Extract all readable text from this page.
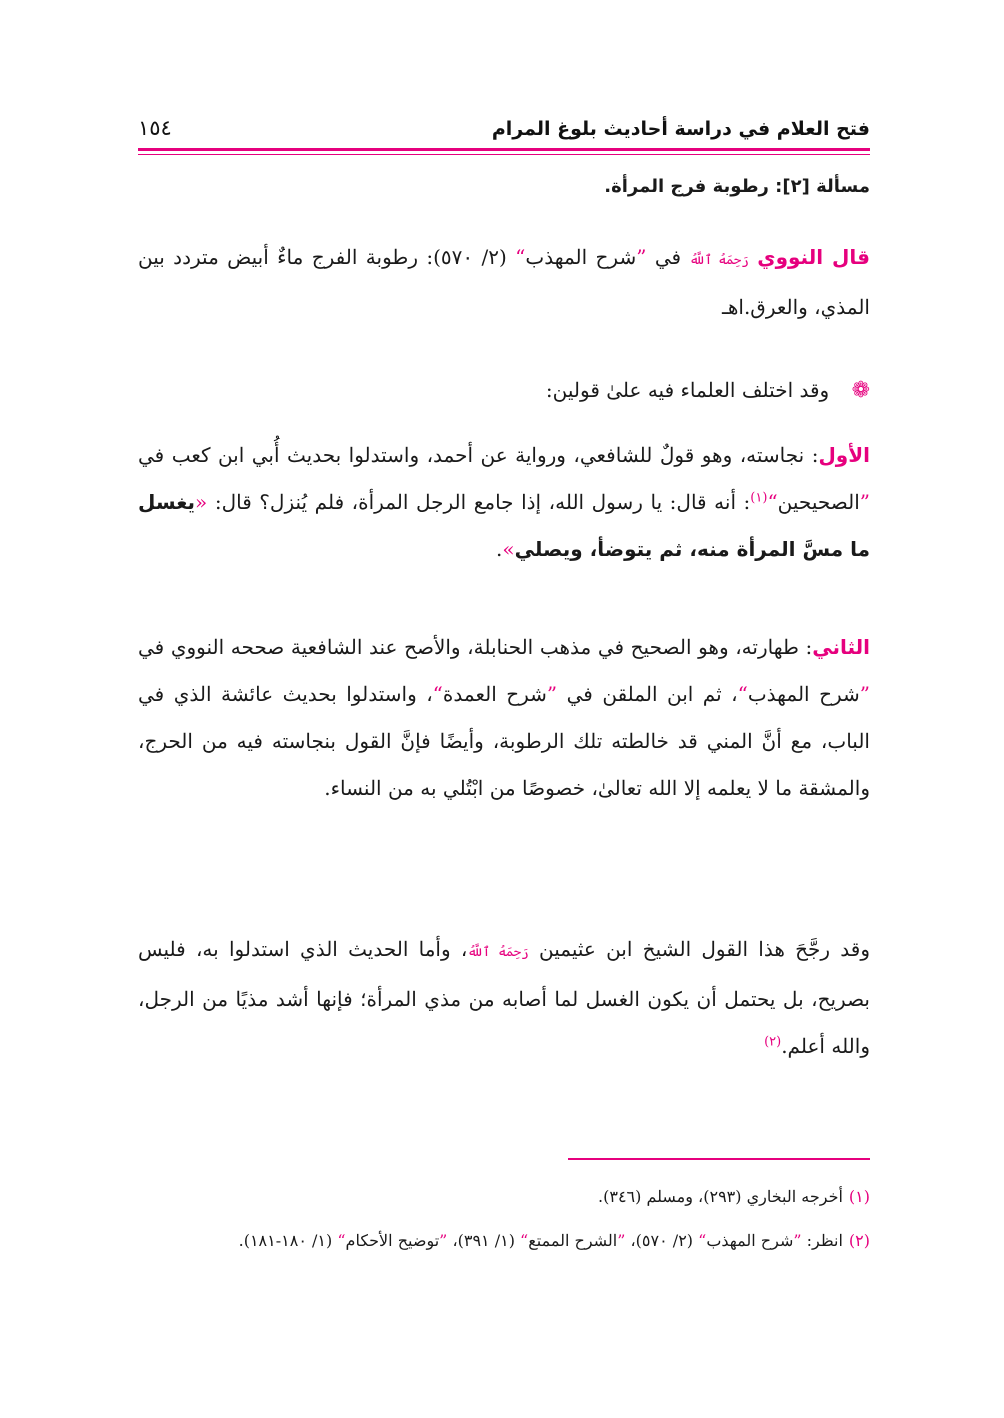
فتح العلام في دراسة أحاديث بلوغ المرام
١٥٤
مسألة [٢]: رطوبة فرج المرأة.
قال النووي رَحِمَهُ ٱللَّهُ في ”شرح المهذب“ (٢/ ٥٧٠): رطوبة الفرج ماءٌ أبيض متردد بين المذي، والعرق.اهـ
❁ وقد اختلف العلماء فيه علىٰ قولين:
الأول: نجاسته، وهو قولٌ للشافعي، ورواية عن أحمد، واستدلوا بحديث أُبي ابن كعب في ”الصحيحين“$^{(١)}$: أنه قال: يا رسول الله، إذا جامع الرجل المرأة، فلم يُنزل؟ قال: «يغسل ما مسَّ المرأة منه، ثم يتوضأ، ويصلي».
الثاني: طهارته، وهو الصحيح في مذهب الحنابلة، والأصح عند الشافعية صححه النووي في ”شرح المهذب“، ثم ابن الملقن في ”شرح العمدة“، واستدلوا بحديث عائشة الذي في الباب، مع أنَّ المني قد خالطته تلك الرطوبة، وأيضًا فإنَّ القول بنجاسته فيه من الحرج، والمشقة ما لا يعلمه إلا الله تعالىٰ، خصوصًا من ابْتُلي به من النساء.
وقد رجَّحَ هذا القول الشيخ ابن عثيمين رَحِمَهُ ٱللَّهُ، وأما الحديث الذي استدلوا به، فليس بصريح، بل يحتمل أن يكون الغسل لما أصابه من مذي المرأة؛ فإنها أشد مذيًا من الرجل، والله أعلم.$^{(٢)}$
(١)أخرجه البخاري (٢٩٣)، ومسلم (٣٤٦).
(٢)انظر: ”شرح المهذب“ (٢/ ٥٧٠)، ”الشرح الممتع“ (١/ ٣٩١)، ”توضيح الأحكام“ (١/ ١٨٠-١٨١).
